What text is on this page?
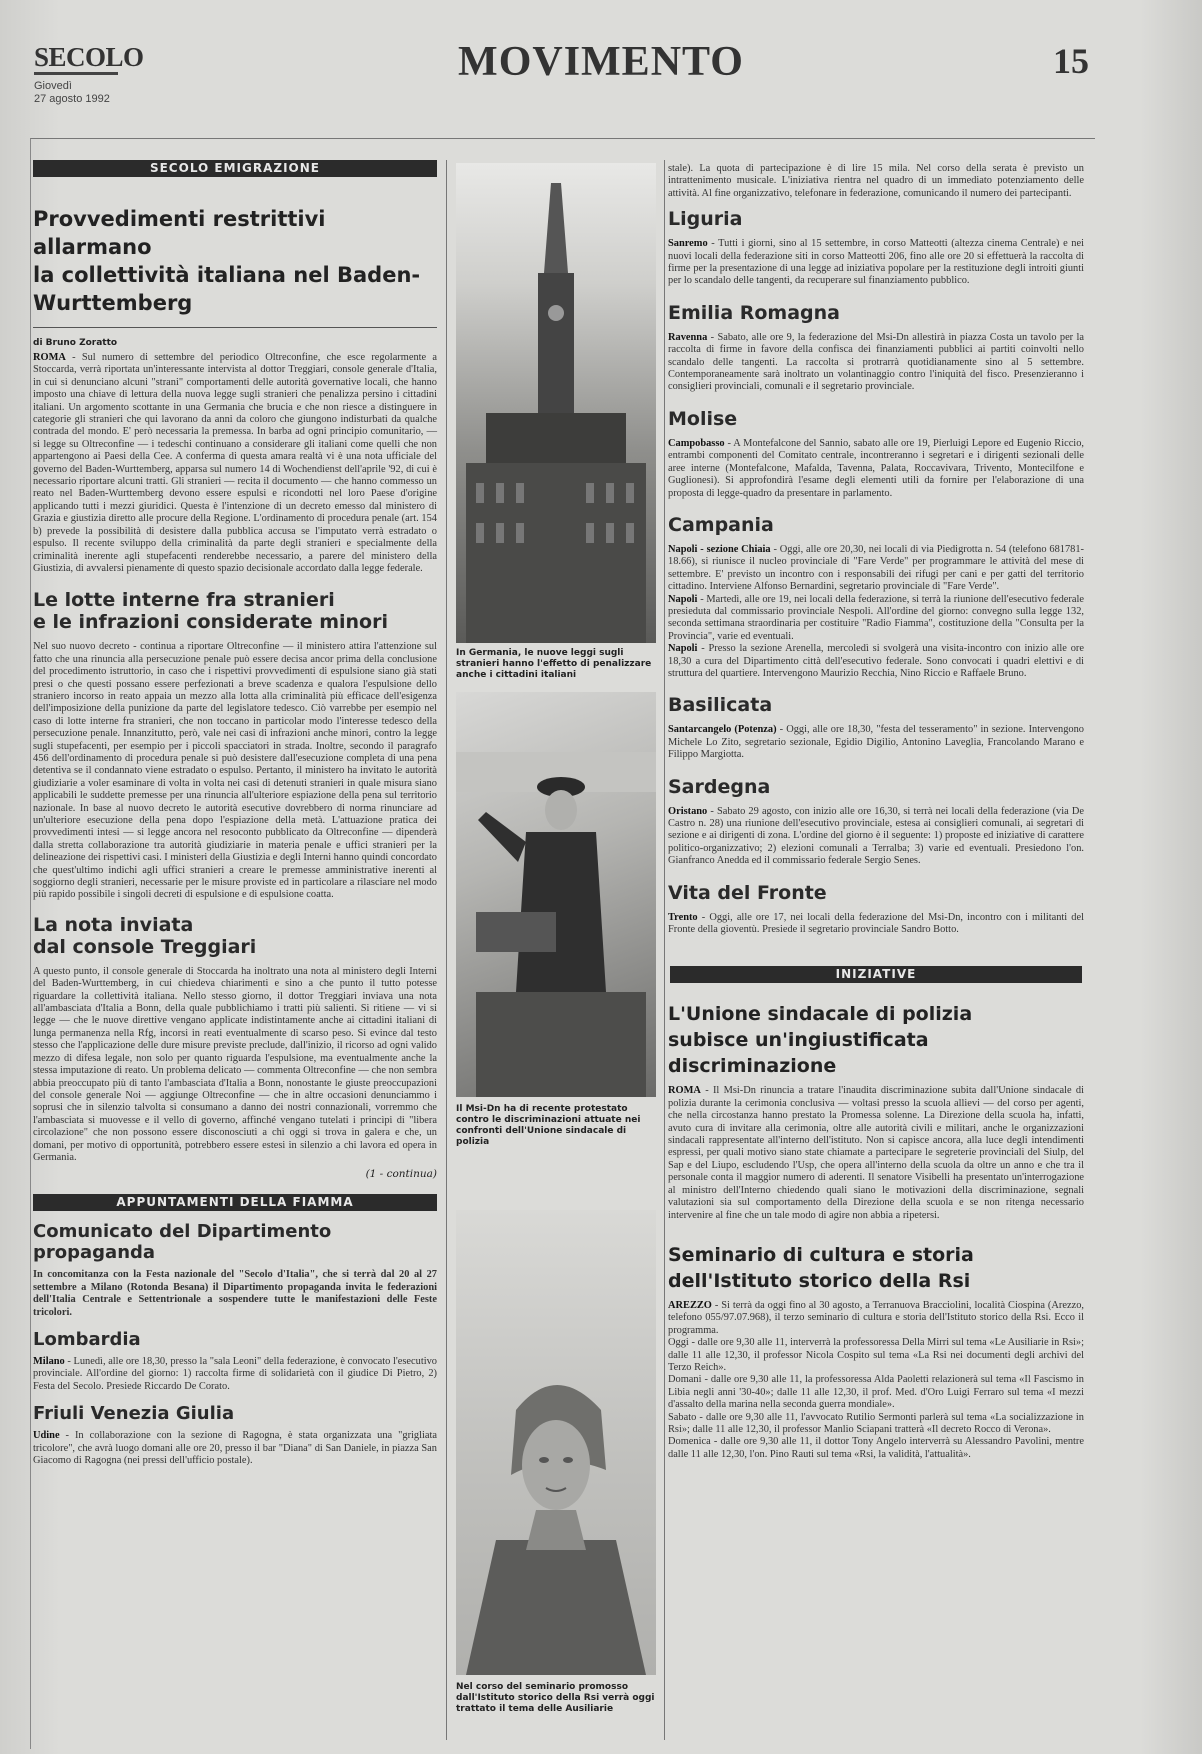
SECOLO
Giovedì
27 agosto 1992
MOVIMENTO	15
SECOLO EMIGRAZIONE
Provvedimenti restrittivi allarmano
la collettività italiana nel Baden-Wurttemberg
di Bruno Zoratto

ROMA - Sul numero di settembre del periodico Oltreconfine, che esce regolarmente a Stoccarda, verrà riportata un'interessante intervista al dottor Treggiari, console generale d'Italia, in cui si denunciano alcuni "strani" comportamenti delle autorità governative locali, che hanno imposto una chiave di lettura della nuova legge sugli stranieri che penalizza persino i cittadini italiani. Un argomento scottante in una Germania che brucia e che non riesce a distinguere in categorie gli stranieri che qui lavorano da anni da coloro che giungono indisturbati da qualche contrada del mondo. E' però necessaria la premessa. In barba ad ogni principio comunitario, — si legge su Oltreconfine — i tedeschi continuano a considerare gli italiani come quelli che non appartengono ai Paesi della Cee. A conferma di questa amara realtà vi è una nota ufficiale del governo del Baden-Wurttemberg, apparsa sul numero 14 di Wochendienst dell'aprile '92, di cui è necessario riportare alcuni tratti. Gli stranieri — recita il documento — che hanno commesso un reato nel Baden-Wurttemberg devono essere espulsi e ricondotti nel loro Paese d'origine applicando tutti i mezzi giuridici. Questa è l'intenzione di un decreto emesso dal ministero di Grazia e giustizia diretto alle procure della Regione. L'ordinamento di procedura penale (art. 154 b) prevede la possibilità di desistere dalla pubblica accusa se l'imputato verrà estradato o espulso. Il recente sviluppo della criminalità da parte degli stranieri e specialmente della criminalità inerente agli stupefacenti renderebbe necessario, a parere del ministero della Giustizia, di avvalersi pienamente di questo spazio decisionale accordato dalla legge federale.

Le lotte interne fra stranieri
e le infrazioni considerate minori

Nel suo nuovo decreto - continua a riportare Oltreconfine — il ministero attira l'attenzione sul fatto che una rinuncia alla persecuzione penale può essere decisa ancor prima della conclusione del procedimento istruttorio, in caso che i rispettivi provvedimenti di espulsione siano già stati presi o che questi possano essere perfezionati a breve scadenza e qualora l'espulsione dello straniero incorso in reato appaia un mezzo alla lotta alla criminalità più efficace dell'esigenza dell'imposizione della punizione da parte del legislatore tedesco. Ciò varrebbe per esempio nel caso di lotte interne fra stranieri, che non toccano in particolar modo l'interesse tedesco della persecuzione penale. Innanzitutto, però, vale nei casi di infrazioni anche minori, contro la legge sugli stupefacenti, per esempio per i piccoli spacciatori in strada. Inoltre, secondo il paragrafo 456 dell'ordinamento di procedura penale si può desistere dall'esecuzione completa di una pena detentiva se il condannato viene estradato o espulso. Pertanto, il ministero ha invitato le autorità giudiziarie a voler esaminare di volta in volta nei casi di detenuti stranieri in quale misura siano applicabili le suddette premesse per una rinuncia all'ulteriore espiazione della pena sul territorio nazionale. In base al nuovo decreto le autorità esecutive dovrebbero di norma rinunciare ad un'ulteriore esecuzione della pena dopo l'espiazione della metà. L'attuazione pratica dei provvedimenti intesi — si legge ancora nel resoconto pubblicato da Oltreconfine — dipenderà dalla stretta collaborazione tra autorità giudiziarie in materia penale e uffici stranieri per la delineazione dei rispettivi casi. I ministeri della Giustizia e degli Interni hanno quindi concordato che quest'ultimo indichi agli uffici stranieri a creare le premesse amministrative inerenti al soggiorno degli stranieri, necessarie per le misure proviste ed in particolare a rilasciare nel modo più rapido possibile i singoli decreti di espulsione e di espulsione coatta.

La nota inviata
dal console Treggiari

A questo punto, il console generale di Stoccarda ha inoltrato una nota al ministero degli Interni del Baden-Wurttemberg, in cui chiedeva chiarimenti e sino a che punto il tutto potesse riguardare la collettività italiana. Nello stesso giorno, il dottor Treggiari inviava una nota all'ambasciata d'Italia a Bonn, della quale pubblichiamo i tratti più salienti. Si ritiene — vi si legge — che le nuove direttive vengano applicate indistintamente anche ai cittadini italiani di lunga permanenza nella Rfg, incorsi in reati eventualmente di scarso peso. Si evince dal testo stesso che l'applicazione delle dure misure previste preclude, dall'inizio, il ricorso ad ogni valido mezzo di difesa legale, non solo per quanto riguarda l'espulsione, ma eventualmente anche la stessa imputazione di reato. Un problema delicato — commenta Oltreconfine — che non sembra abbia preoccupato più di tanto l'ambasciata d'Italia a Bonn, nonostante le giuste preoccupazioni del console generale Noi — aggiunge Oltreconfine — che in altre occasioni denunciammo i soprusi che in silenzio talvolta si consumano a danno dei nostri connazionali, vorremmo che l'ambasciata si muovesse e il vello di governo, affinché vengano tutelati i princìpi di "libera circolazione" che non possono essere disconosciuti a chi oggi si trova in galera e che, un domani, per motivo di opportunità, potrebbero essere estesi in silenzio a chi lavora ed opera in Germania.

(1 - continua)
APPUNTAMENTI DELLA FIAMMA
Comunicato del Dipartimento propaganda

In concomitanza con la Festa nazionale del "Secolo d'Italia", che si terrà dal 20 al 27 settembre a Milano (Rotonda Besana) il Dipartimento propaganda invita le federazioni dell'Italia Centrale e Settentrionale a sospendere tutte le manifestazioni delle Feste tricolori.

Lombardia

Milano - Lunedì, alle ore 18,30, presso la "sala Leoni" della federazione, è convocato l'esecutivo provinciale. All'ordine del giorno: 1) raccolta firme di solidarietà con il giudice Di Pietro, 2) Festa del Secolo. Presiede Riccardo De Corato.

Friuli Venezia Giulia

Udine - In collaborazione con la sezione di Ragogna, è stata organizzata una "grigliata tricolore", che avrà luogo domani alle ore 20, presso il bar "Diana" di San Daniele, in piazza San Giacomo di Ragogna (nei pressi dell'ufficio postale).

In Germania, le nuove leggi sugli stranieri hanno l'effetto di penalizzare anche i cittadini italiani
Il Msi-Dn ha di recente protestato contro le discriminazioni attuate nei confronti dell'Unione sindacale di polizia
Nel corso del seminario promosso dall'Istituto storico della Rsi verrà oggi trattato il tema delle Ausiliarie

stale). La quota di partecipazione è di lire 15 mila. Nel corso della serata è previsto un intrattenimento musicale. L'iniziativa rientra nel quadro di un immediato potenziamento delle attività. Al fine organizzativo, telefonare in federazione, comunicando il numero dei partecipanti.

Liguria

Sanremo - Tutti i giorni, sino al 15 settembre, in corso Matteotti (altezza cinema Centrale) e nei nuovi locali della federazione siti in corso Matteotti 206, fino alle ore 20 si effettuerà la raccolta di firme per la presentazione di una legge ad iniziativa popolare per la restituzione degli introiti giunti per lo scandalo delle tangenti, da recuperare sul finanziamento pubblico.

Emilia Romagna

Ravenna - Sabato, alle ore 9, la federazione del Msi-Dn allestirà in piazza Costa un tavolo per la raccolta di firme in favore della confisca dei finanziamenti pubblici ai partiti coinvolti nello scandalo delle tangenti. La raccolta si protrarrà quotidianamente sino al 5 settembre. Contemporaneamente sarà inoltrato un volantinaggio contro l'iniquità del fisco. Presenzieranno i consiglieri provinciali, comunali e il segretario provinciale.

Molise

Campobasso - A Montefalcone del Sannio, sabato alle ore 19, Pierluigi Lepore ed Eugenio Riccio, entrambi componenti del Comitato centrale, incontreranno i segretari e i dirigenti sezionali delle aree interne (Montefalcone, Mafalda, Tavenna, Palata, Roccavivara, Trivento, Montecilfone e Guglionesi). Si approfondirà l'esame degli elementi utili da fornire per l'elaborazione di una proposta di legge-quadro da presentare in parlamento.

Campania

Napoli - sezione Chiaia - Oggi, alle ore 20,30, nei locali di via Piedigrotta n. 54 (telefono 681781-18.66), si riunisce il nucleo provinciale di "Fare Verde" per programmare le attività del mese di settembre. E' previsto un incontro con i responsabili dei rifugi per cani e per gatti del territorio cittadino. Interviene Alfonso Bernardini, segretario provinciale di "Fare Verde".

Napoli - Martedì, alle ore 19, nei locali della federazione, si terrà la riunione dell'esecutivo federale presieduta dal commissario provinciale Nespoli. All'ordine del giorno: convegno sulla legge 132, seconda settimana straordinaria per costituire "Radio Fiamma", costituzione della "Consulta per la Provincia", varie ed eventuali.

Napoli - Presso la sezione Arenella, mercoledì si svolgerà una visita-incontro con inizio alle ore 18,30 a cura del Dipartimento città dell'esecutivo federale. Sono convocati i quadri elettivi e di struttura del quartiere. Intervengono Maurizio Recchia, Nino Riccio e Raffaele Bruno.

Basilicata

Santarcangelo (Potenza) - Oggi, alle ore 18,30, "festa del tesseramento" in sezione. Intervengono Michele Lo Zito, segretario sezionale, Egidio Digilio, Antonino Lavegliа, Francolando Marano e Filippo Margiotta.

Sardegna

Oristano - Sabato 29 agosto, con inizio alle ore 16,30, si terrà nei locali della federazione (via De Castro n. 28) una riunione dell'esecutivo provinciale, estesa ai consiglieri comunali, ai segretari di sezione e ai dirigenti di zona. L'ordine del giorno è il seguente: 1) proposte ed iniziative di carattere politico-organizzativo; 2) elezioni comunali a Terralba; 3) varie ed eventuali. Presiedono l'on. Gianfranco Anedda ed il commissario federale Sergio Senes.

Vita del Fronte

Trento - Oggi, alle ore 17, nei locali della federazione del Msi-Dn, incontro con i militanti del Fronte della gioventù. Presiede il segretario provinciale Sandro Botto.

INIZIATIVE
L'Unione sindacale di polizia
subisce un'ingiustificata discriminazione

ROMA - Il Msi-Dn rinuncia a tratare l'inaudita discriminazione subita dall'Unione sindacale di polizia durante la cerimonia conclusiva — voltasi presso la scuola allievi — del corso per agenti, che nella circostanza hanno prestato la Promessa solenne. La Direzione della scuola ha, infatti, avuto cura di invitare alla cerimonia, oltre alle autorità civili e militari, anche le organizzazioni sindacali rappresentate all'interno dell'istituto. Non si capisce ancora, alla luce degli intendimenti espressi, per quali motivo siano state chiamate a partecipare le segreterie provinciali del Siulp, del Sap e del Liupo, escludendo l'Usp, che opera all'interno della scuola da oltre un anno e che tra il personale conta il maggior numero di aderenti. Il senatore Visibelli ha presentato un'interrogazione al ministro dell'Interno chiedendo quali siano le motivazioni della discriminazione, segnali valutazioni sia sul comportamento della Direzione della scuola e se non ritenga necessario intervenire al fine che un tale modo di agire non abbia a ripetersi.

Seminario di cultura e storia
dell'Istituto storico della Rsi

AREZZO - Si terrà da oggi fino al 30 agosto, a Terranuova Bracciolini, località Ciospina (Arezzo, telefono 055/97.07.968), il terzo seminario di cultura e storia dell'Istituto storico della Rsi. Ecco il programma.

Oggi - dalle ore 9,30 alle 11, interverrà la professoressa Della Mirri sul tema «Le Ausiliarie in Rsi»; dalle 11 alle 12,30, il professor Nicola Cospito sul tema «La Rsi nei documenti degli archivi del Terzo Reich».

Domani - dalle ore 9,30 alle 11, la professoressa Alda Paoletti relazionerà sul tema «Il Fascismo in Libia negli anni '30-40»; dalle 11 alle 12,30, il prof. Med. d'Oro Luigi Ferraro sul tema «I mezzi d'assalto della marina nella seconda guerra mondiale».

Sabato - dalle ore 9,30 alle 11, l'avvocato Rutilio Sermonti parlerà sul tema «La socializzazione in Rsi»; dalle 11 alle 12,30, il professor Manlio Sciapani tratterà «Il decreto Rocco di Verona».

Domenica - dalle ore 9,30 alle 11, il dottor Tony Angelo interverrà su Alessandro Pavolini, mentre dalle 11 alle 12,30, l'on. Pino Rauti sul tema «Rsi, la validità, l'attualità».
